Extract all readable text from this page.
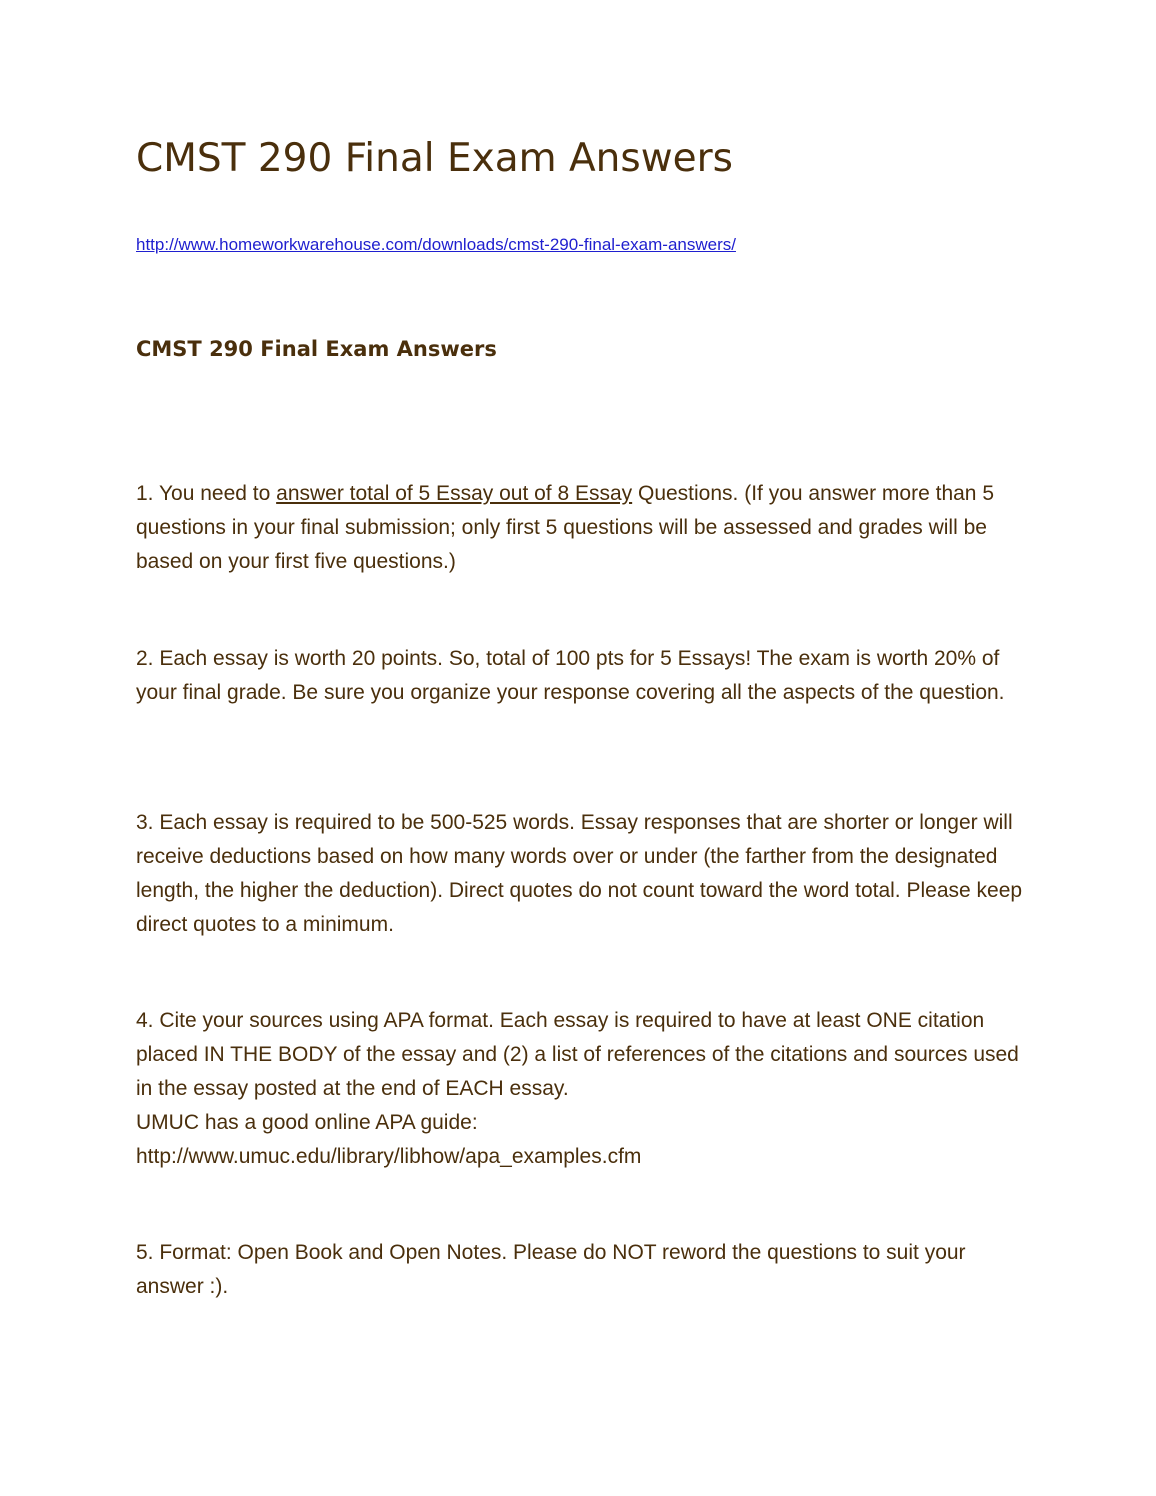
CMST 290 Final Exam Answers
http://www.homeworkwarehouse.com/downloads/cmst-290-final-exam-answers/
CMST 290 Final Exam Answers

1. You need to answer total of 5 Essay out of 8 Essay Questions. (If you answer more than 5 questions in your final submission; only first 5 questions will be assessed and grades will be based on your first five questions.)

2. Each essay is worth 20 points. So, total of 100 pts for 5 Essays! The exam is worth 20% of your final grade. Be sure you organize your response covering all the aspects of the question.

3. Each essay is required to be 500-525 words. Essay responses that are shorter or longer will receive deductions based on how many words over or under (the farther from the designated length, the higher the deduction). Direct quotes do not count toward the word total. Please keep direct quotes to a minimum.

4. Cite your sources using APA format. Each essay is required to have at least ONE citation placed IN THE BODY of the essay and (2) a list of references of the citations and sources used in the essay posted at the end of EACH essay.
UMUC has a good online APA guide:
http://www.umuc.edu/library/libhow/apa_examples.cfm

5. Format: Open Book and Open Notes. Please do NOT reword the questions to suit your answer :).
